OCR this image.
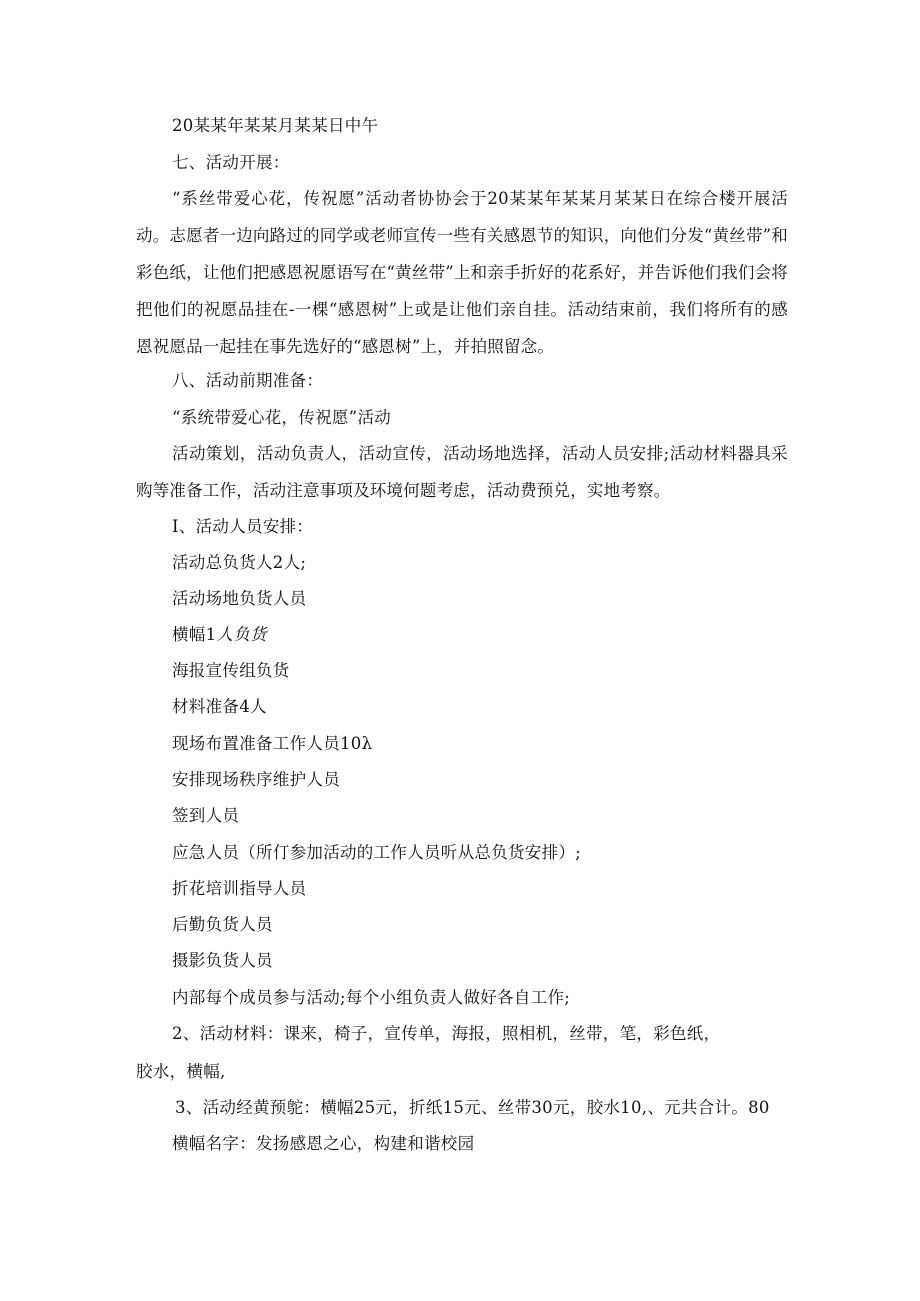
20某某年某某月某某日中午
七、活动开展：
“系丝带爱心花，传祝愿”活动者协协会于20某某年某某月某某日在综合楼开展活动。志愿者一边向路过的同学或老师宣传一些有关感恩节的知识，向他们分发“黄丝带”和彩色纸，让他们把感恩祝愿语写在“黄丝带”上和亲手折好的花系好，并告诉他们我们会将把他们的祝愿品挂在-一棵“感恩树”上或是让他们亲自挂。活动结束前，我们将所有的感恩祝愿品一起挂在事先选好的“感恩树”上，并拍照留念。
八、活动前期准备：
“系统带爱心花，传祝愿”活动
活动策划，活动负责人，活动宣传，活动场地选择，活动人员安排;活动材料器具采购等准备工作，活动注意事项及环境何题考虑，活动费预兑，实地考察。
I、活动人员安排：
活动总负货人2人;
活动场地负货人员
横幅1人负货
海报宣传组负货
材料准备4人
现场布置准备工作人员10λ
安排现场秩序维护人员
签到人员
应急人员（所仃参加活动的工作人员听从总负货安排）;
折花培训指导人员
后勤负货人员
摄影负货人员
内部每个成员参与活动;每个小组负责人做好各自工作;
2、活动材料：课来，椅子，宣传单，海报，照相机，丝带，笔，彩色纸，
胶水，横幅,
3、活动经黄预鸵：横幅25元，折纸15元、丝带30元，胶水10,、元共合计。80
横幅名字：发扬感恩之心，构建和谐校园
